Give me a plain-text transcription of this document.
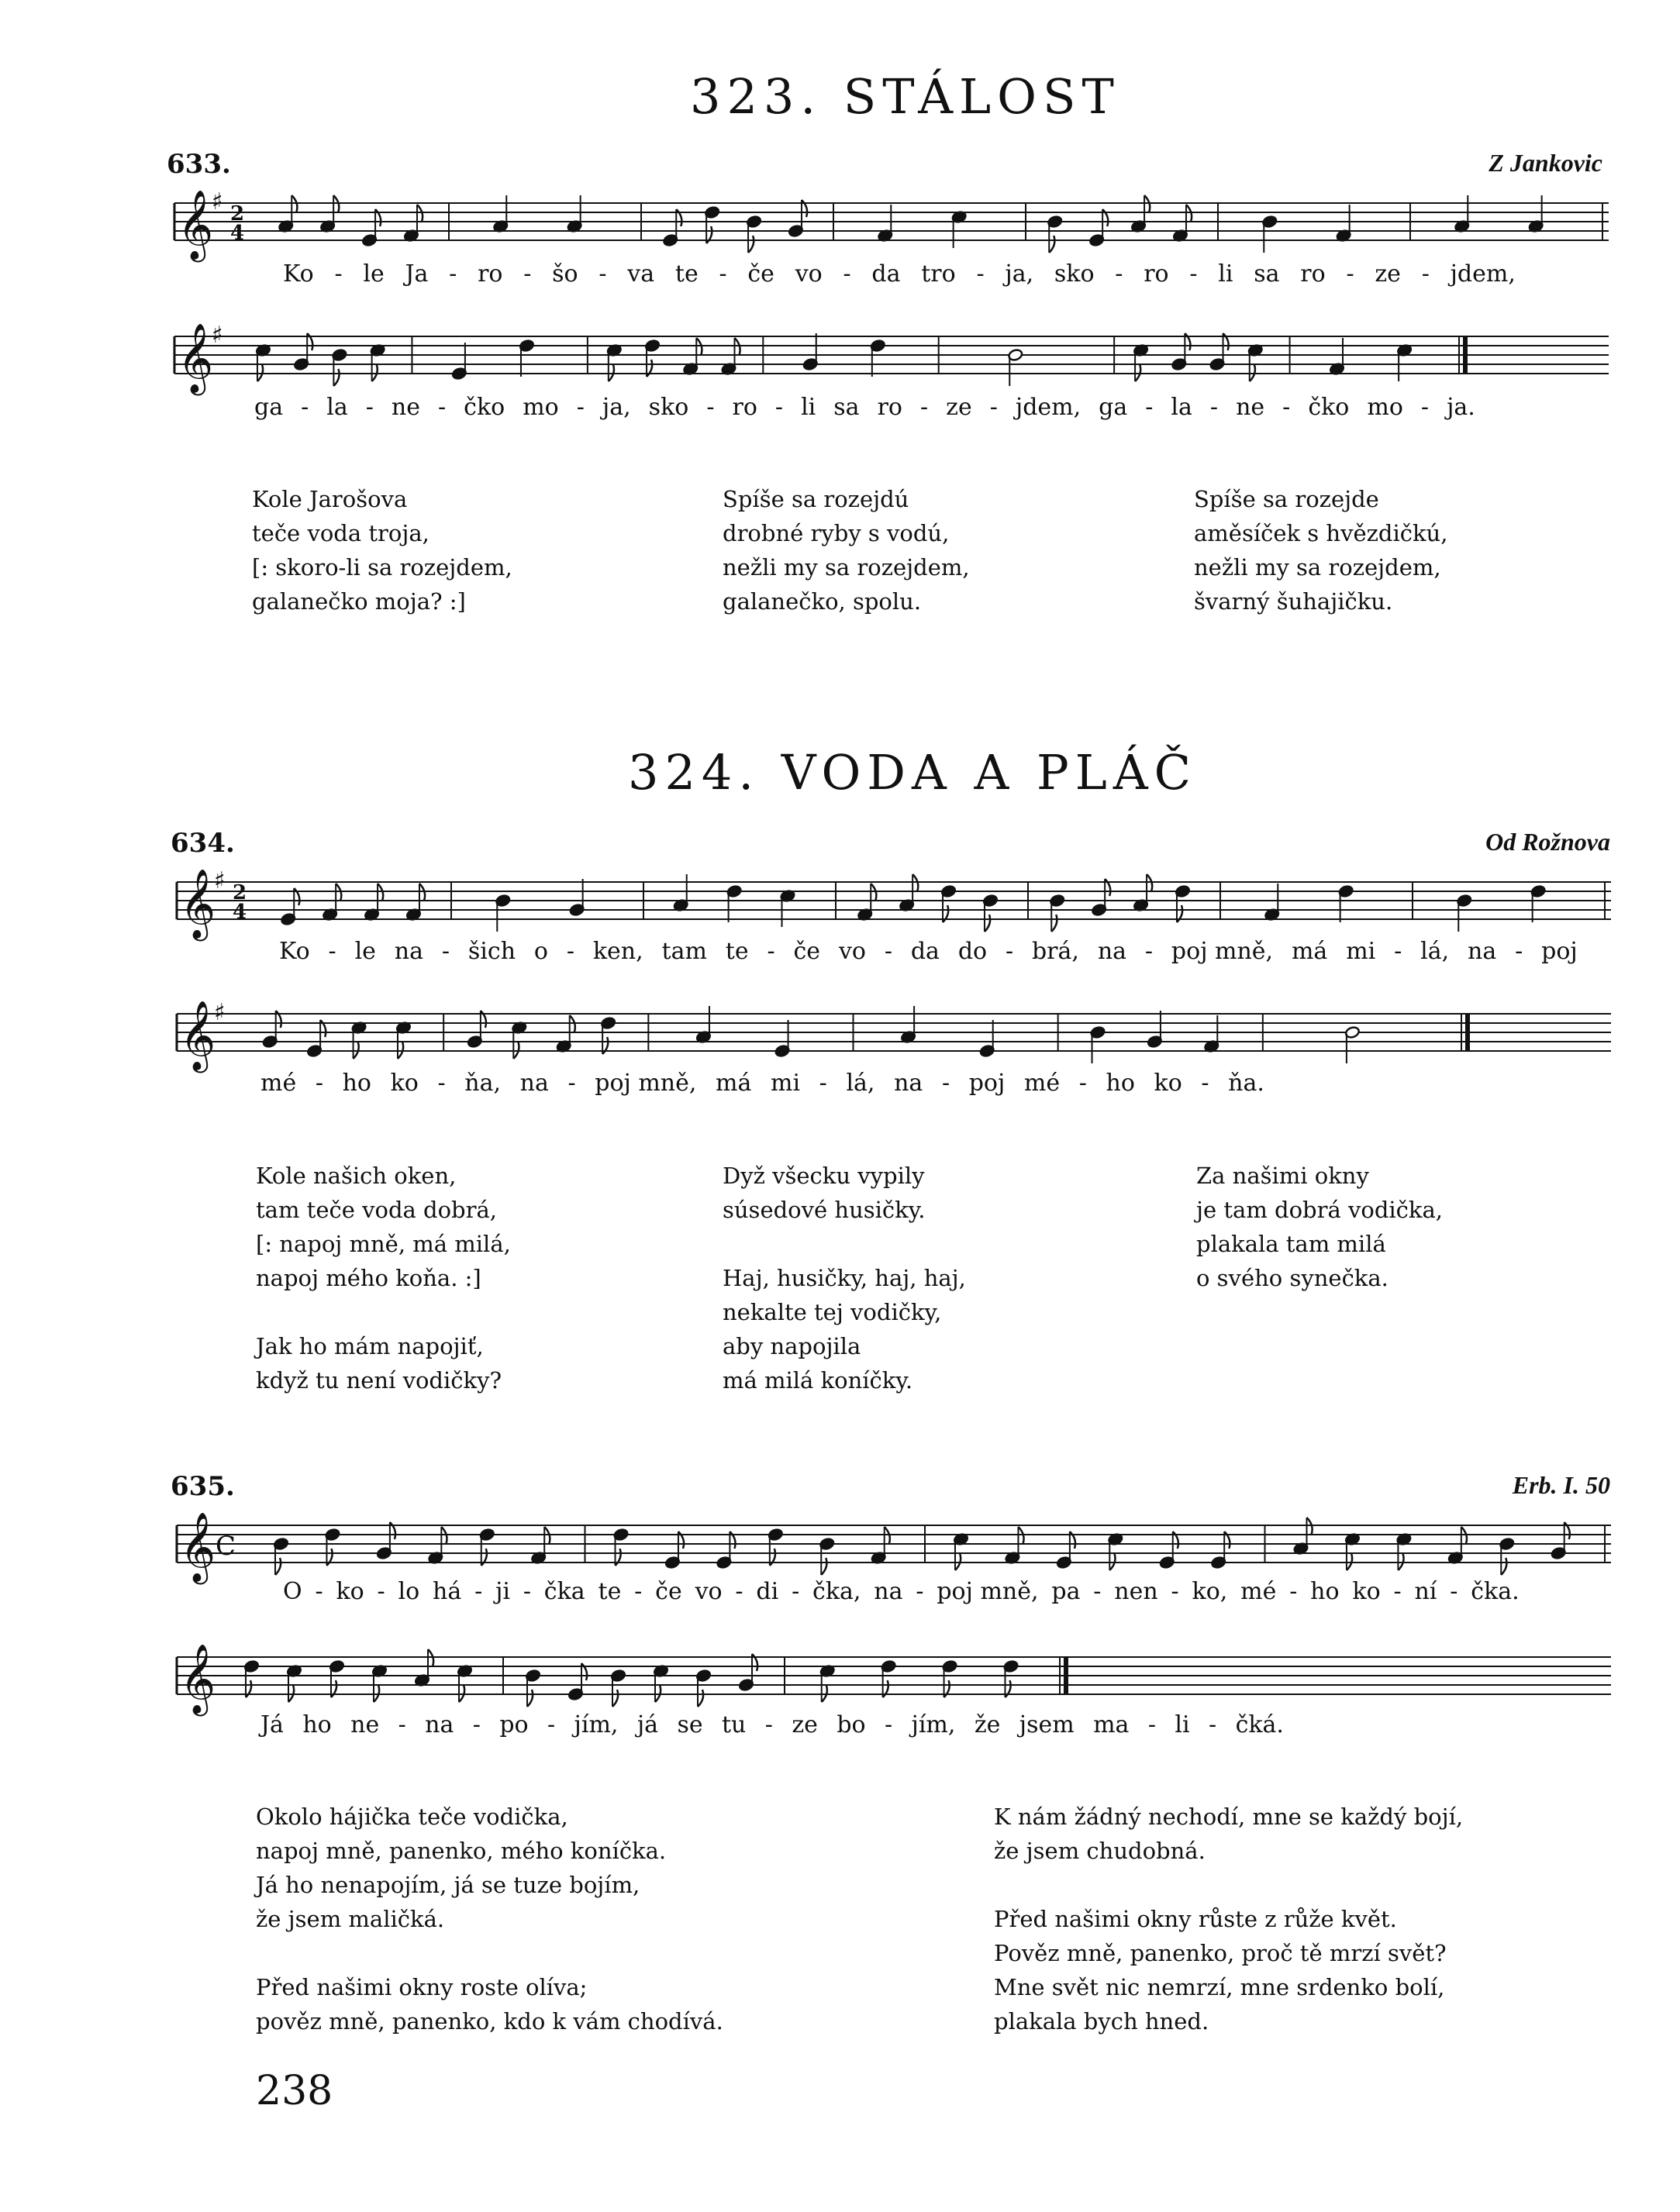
323. STÁLOST
633.	Z Jankovic
𝄞
♯ 2
4
Ko - le Ja - ro - šo - va te - če vo - da tro - ja, sko - ro - li sa ro - ze - jdem,
𝄞
♯
ga - la - ne - čko mo - ja, sko - ro - li sa ro - ze - jdem, ga - la - ne - čko mo - ja.
Kole Jarošova
teče voda troja,
[: skoro-li sa rozejdem,
galanečko moja? :]
Spíše sa rozejdú
drobné ryby s vodú,
nežli my sa rozejdem,
galanečko, spolu.
Spíše sa rozejde
aměsíček s hvězdičkú,
nežli my sa rozejdem,
švarný šuhajičku.
324. VODA A PLÁČ
634.	Od Rožnova
𝄞
♯ 2
4
Ko - le na - šich o - ken, tam te - če vo - da do - brá, na - poj mně, má mi - lá, na - poj
𝄞
♯
mé - ho ko - ňa, na - poj mně, má mi - lá, na - poj mé - ho ko - ňa.
Kole našich oken,
tam teče voda dobrá,
[: napoj mně, má milá,
napoj mého koňa. :]

Jak ho mám napojiť,
když tu není vodičky?
Dyž všecku vypily
súsedové husičky.

Haj, husičky, haj, haj,
nekalte tej vodičky,
aby napojila
má milá koníčky.
Za našimi okny
je tam dobrá vodička,
plakala tam milá
o svého synečka.
635.	Erb. I. 50
𝄞 C
O - ko - lo há - ji - čka te - če vo - di - čka, na - poj mně, pa - nen - ko, mé - ho ko - ní - čka.
𝄞
Já ho ne - na - po - jím, já se tu - ze bo - jím, že jsem ma - li - čká.
Okolo hájička teče vodička,
napoj mně, panenko, mého koníčka.
Já ho nenapojím, já se tuze bojím,
že jsem maličká.

Před našimi okny roste olíva;
pověz mně, panenko, kdo k vám chodívá.
K nám žádný nechodí, mne se každý bojí,
že jsem chudobná.

Před našimi okny růste z růže květ.
Pověz mně, panenko, proč tě mrzí svět?
Mne svět nic nemrzí, mne srdenko bolí,
plakala bych hned.
238
